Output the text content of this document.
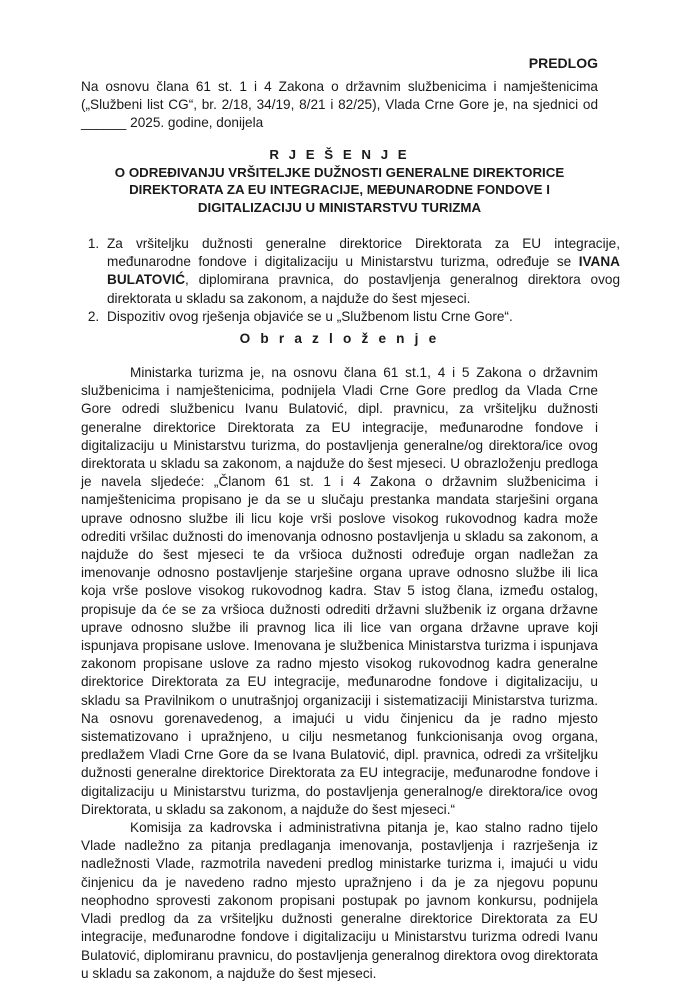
PREDLOG
Na osnovu člana 61 st. 1 i 4 Zakona o državnim službenicima i namještenicima („Službeni list CG“, br. 2/18, 34/19, 8/21 i 82/25), Vlada Crne Gore je, na sjednici od ______ 2025. godine, donijela
R J E Š E N J E
O ODREĐIVANJU VRŠITELJKE DUŽNOSTI GENERALNE DIREKTORICE
DIREKTORATA ZA EU INTEGRACIJE, MEĐUNARODNE FONDOVE I
DIGITALIZACIJU U MINISTARSTVU TURIZMA
1. Za vršiteljku dužnosti generalne direktorice Direktorata za EU integracije, međunarodne fondove i digitalizaciju u Ministarstvu turizma, određuje se IVANA BULATOVIĆ, diplomirana pravnica, do postavljenja generalnog direktora ovog direktorata u skladu sa zakonom, a najduže do šest mjeseci.
2. Dispozitiv ovog rješenja objaviće se u „Službenom listu Crne Gore“.
O b r a z l o ž e n j e

Ministarka turizma je, na osnovu člana 61 st.1, 4 i 5 Zakona o državnim službenicima i namještenicima, podnijela Vladi Crne Gore predlog da Vlada Crne Gore odredi službenicu Ivanu Bulatović, dipl. pravnicu, za vršiteljku dužnosti generalne direktorice Direktorata za EU integracije, međunarodne fondove i digitalizaciju u Ministarstvu turizma, do postavljenja generalne/og direktora/ice ovog direktorata u skladu sa zakonom, a najduže do šest mjeseci. U obrazloženju predloga je navela sljedeće: „Članom 61 st. 1 i 4 Zakona o državnim službenicima i namještenicima propisano je da se u slučaju prestanka mandata starješini organa uprave odnosno službe ili licu koje vrši poslove visokog rukovodnog kadra može odrediti vršilac dužnosti do imenovanja odnosno postavljenja u skladu sa zakonom, a najduže do šest mjeseci te da vršioca dužnosti određuje organ nadležan za imenovanje odnosno postavljenje starješine organa uprave odnosno službe ili lica koja vrše poslove visokog rukovodnog kadra. Stav 5 istog člana, između ostalog, propisuje da će se za vršioca dužnosti odrediti državni službenik iz organa državne uprave odnosno službe ili pravnog lica ili lice van organa državne uprave koji ispunjava propisane uslove. Imenovana je službenica Ministarstva turizma i ispunjava zakonom propisane uslove za radno mjesto visokog rukovodnog kadra generalne direktorice Direktorata za EU integracije, međunarodne fondove i digitalizaciju, u skladu sa Pravilnikom o unutrašnjoj organizaciji i sistematizaciji Ministarstva turizma. Na osnovu gorenavedenog, a imajući u vidu činjenicu da je radno mjesto sistematizovano i upražnjeno, u cilju nesmetanog funkcionisanja ovog organa, predlažem Vladi Crne Gore da se Ivana Bulatović, dipl. pravnica, odredi za vršiteljku dužnosti generalne direktorice Direktorata za EU integracije, međunarodne fondove i digitalizaciju u Ministarstvu turizma, do postavljenja generalnog/e direktora/ice ovog Direktorata, u skladu sa zakonom, a najduže do šest mjeseci.“

Komisija za kadrovska i administrativna pitanja je, kao stalno radno tijelo Vlade nadležno za pitanja predlaganja imenovanja, postavljenja i razrješenja iz nadležnosti Vlade, razmotrila navedeni predlog ministarke turizma i, imajući u vidu činjenicu da je navedeno radno mjesto upražnjeno i da je za njegovu popunu neophodno sprovesti zakonom propisani postupak po javnom konkursu, podnijela Vladi predlog da za vršiteljku dužnosti generalne direktorice Direktorata za EU integracije, međunarodne fondove i digitalizaciju u Ministarstvu turizma odredi Ivanu Bulatović, diplomiranu pravnicu, do postavljenja generalnog direktora ovog direktorata u skladu sa zakonom, a najduže do šest mjeseci.
